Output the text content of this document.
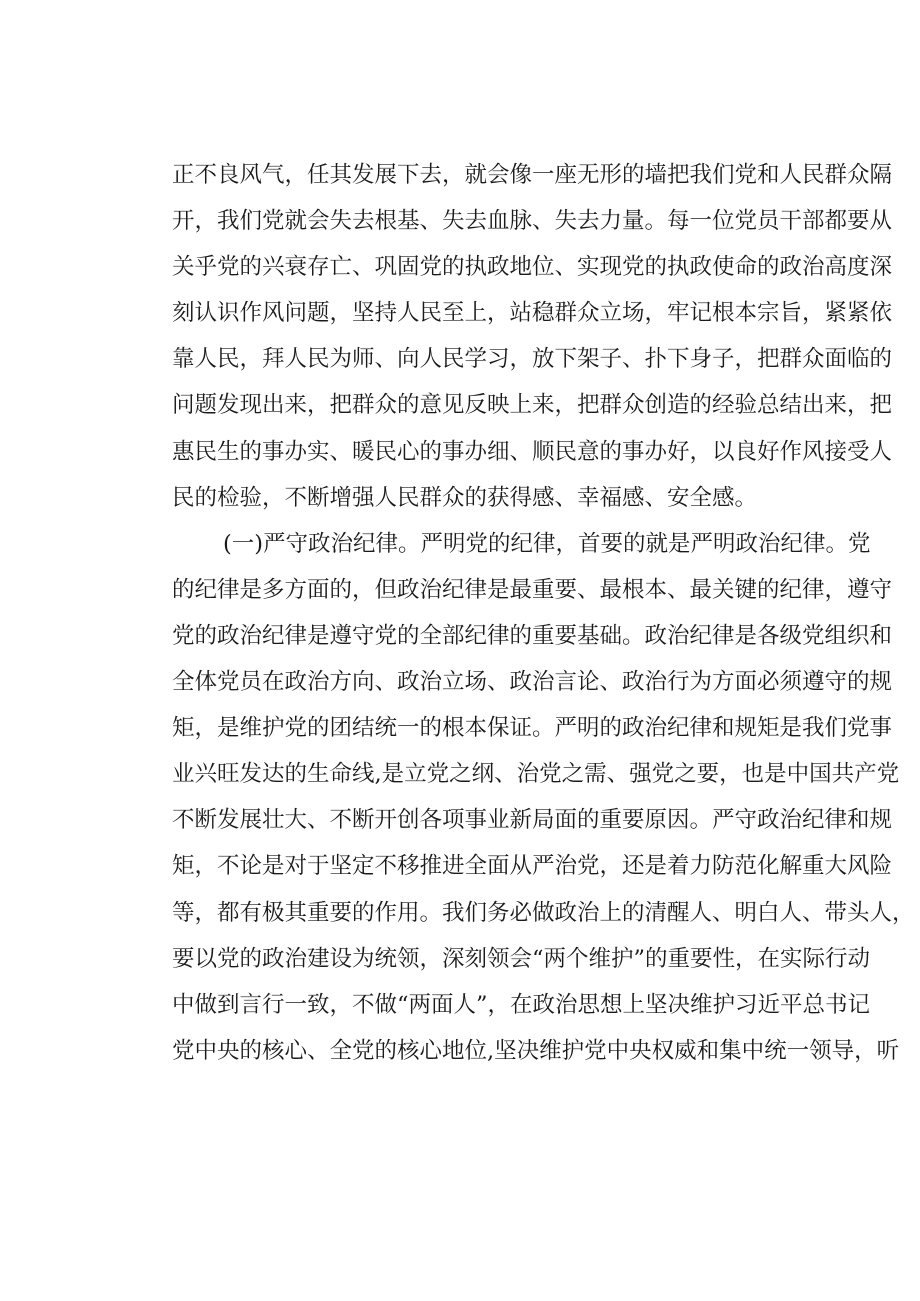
正不良风气，任其发展下去，就会像一座无形的墙把我们党和人民群众隔
开，我们党就会失去根基、失去血脉、失去力量。每一位党员干部都要从
关乎党的兴衰存亡、巩固党的执政地位、实现党的执政使命的政治高度深
刻认识作风问题，坚持人民至上，站稳群众立场，牢记根本宗旨，紧紧依
靠人民，拜人民为师、向人民学习，放下架子、扑下身子，把群众面临的
问题发现出来，把群众的意见反映上来，把群众创造的经验总结出来，把
惠民生的事办实、暖民心的事办细、顺民意的事办好，以良好作风接受人
民的检验，不断增强人民群众的获得感、幸福感、安全感。
　　(一)严守政治纪律。严明党的纪律，首要的就是严明政治纪律。党
的纪律是多方面的，但政治纪律是最重要、最根本、最关键的纪律，遵守
党的政治纪律是遵守党的全部纪律的重要基础。政治纪律是各级党组织和
全体党员在政治方向、政治立场、政治言论、政治行为方面必须遵守的规
矩，是维护党的团结统一的根本保证。严明的政治纪律和规矩是我们党事
业兴旺发达的生命线,是立党之纲、治党之需、强党之要，也是中国共产党
不断发展壮大、不断开创各项事业新局面的重要原因。严守政治纪律和规
矩，不论是对于坚定不移推进全面从严治党，还是着力防范化解重大风险
等，都有极其重要的作用。我们务必做政治上的清醒人、明白人、带头人，
要以党的政治建设为统领，深刻领会“两个维护”的重要性，在实际行动
中做到言行一致，不做“两面人”，在政治思想上坚决维护习近平总书记
党中央的核心、全党的核心地位,坚决维护党中央权威和集中统一领导，听
